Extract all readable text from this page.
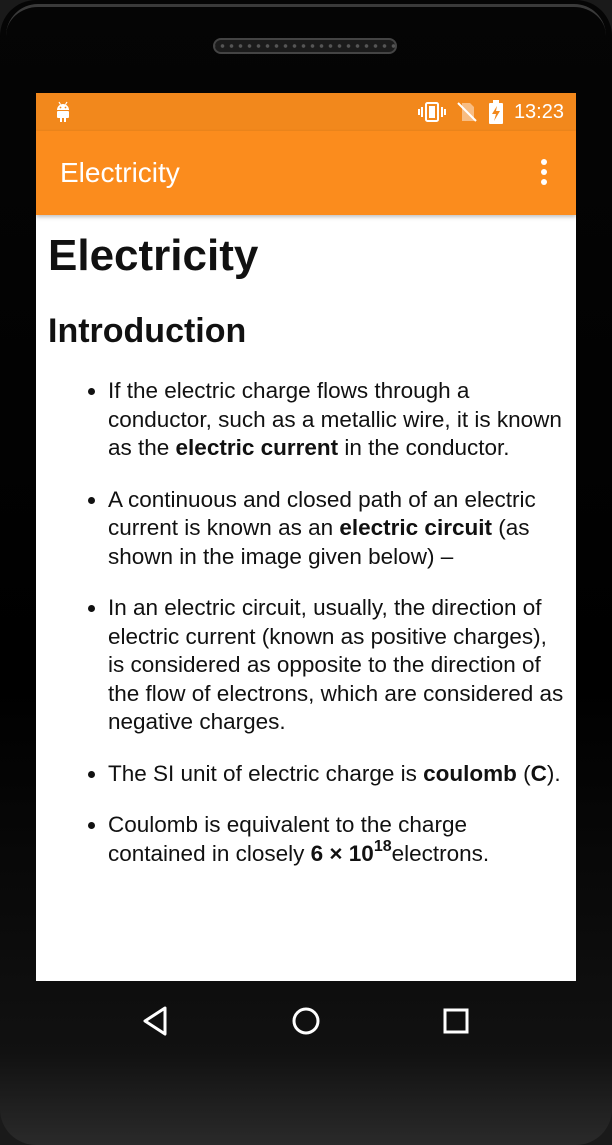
13:23
Electricity
Electricity
Introduction
• If the electric charge flows through a conductor, such as a metallic wire, it is known as the electric current in the conductor.
• A continuous and closed path of an electric current is known as an electric circuit (as shown in the image given below) –
• In an electric circuit, usually, the direction of electric current (known as positive charges), is considered as opposite to the direction of the flow of electrons, which are considered as negative charges.
• The SI unit of electric charge is coulomb (C).
• Coulomb is equivalent to the charge contained in closely $6 \times 10^{18}electrons$.
